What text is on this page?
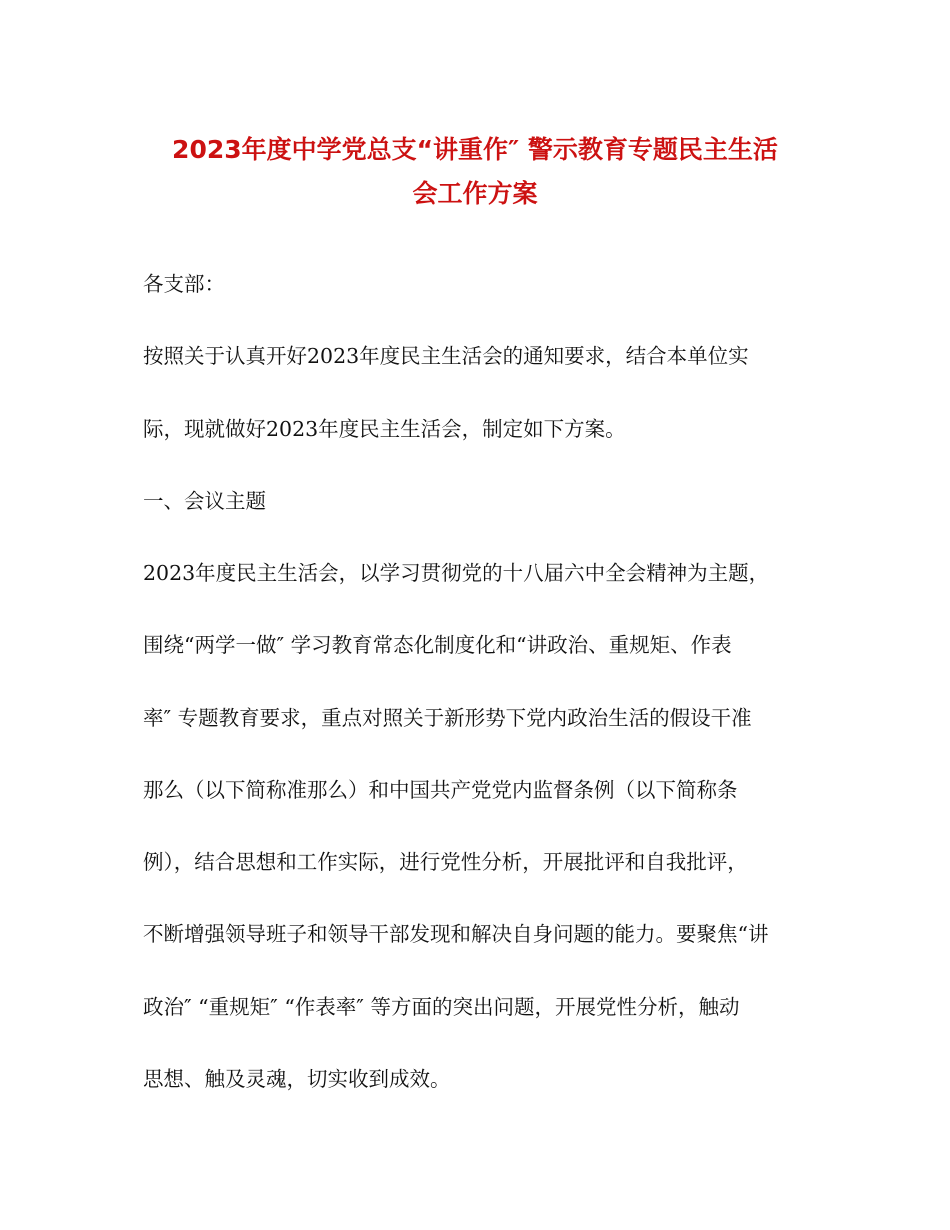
2023年度中学党总支“讲重作″ 警示教育专题民主生活
会工作方案
各支部：
按照关于认真开好2023年度民主生活会的通知要求，结合本单位实
际，现就做好2023年度民主生活会，制定如下方案。
一、会议主题
2023年度民主生活会，以学习贯彻党的十八届六中全会精神为主题，
围绕“两学一做″ 学习教育常态化制度化和“讲政治、重规矩、作表
率″ 专题教育要求，重点对照关于新形势下党内政治生活的假设干准
那么（以下简称准那么）和中国共产党党内监督条例（以下简称条
例），结合思想和工作实际，进行党性分析，开展批评和自我批评，
不断增强领导班子和领导干部发现和解决自身问题的能力。要聚焦“讲
政治″ “重规矩″ “作表率″ 等方面的突出问题，开展党性分析，触动
思想、触及灵魂，切实收到成效。
